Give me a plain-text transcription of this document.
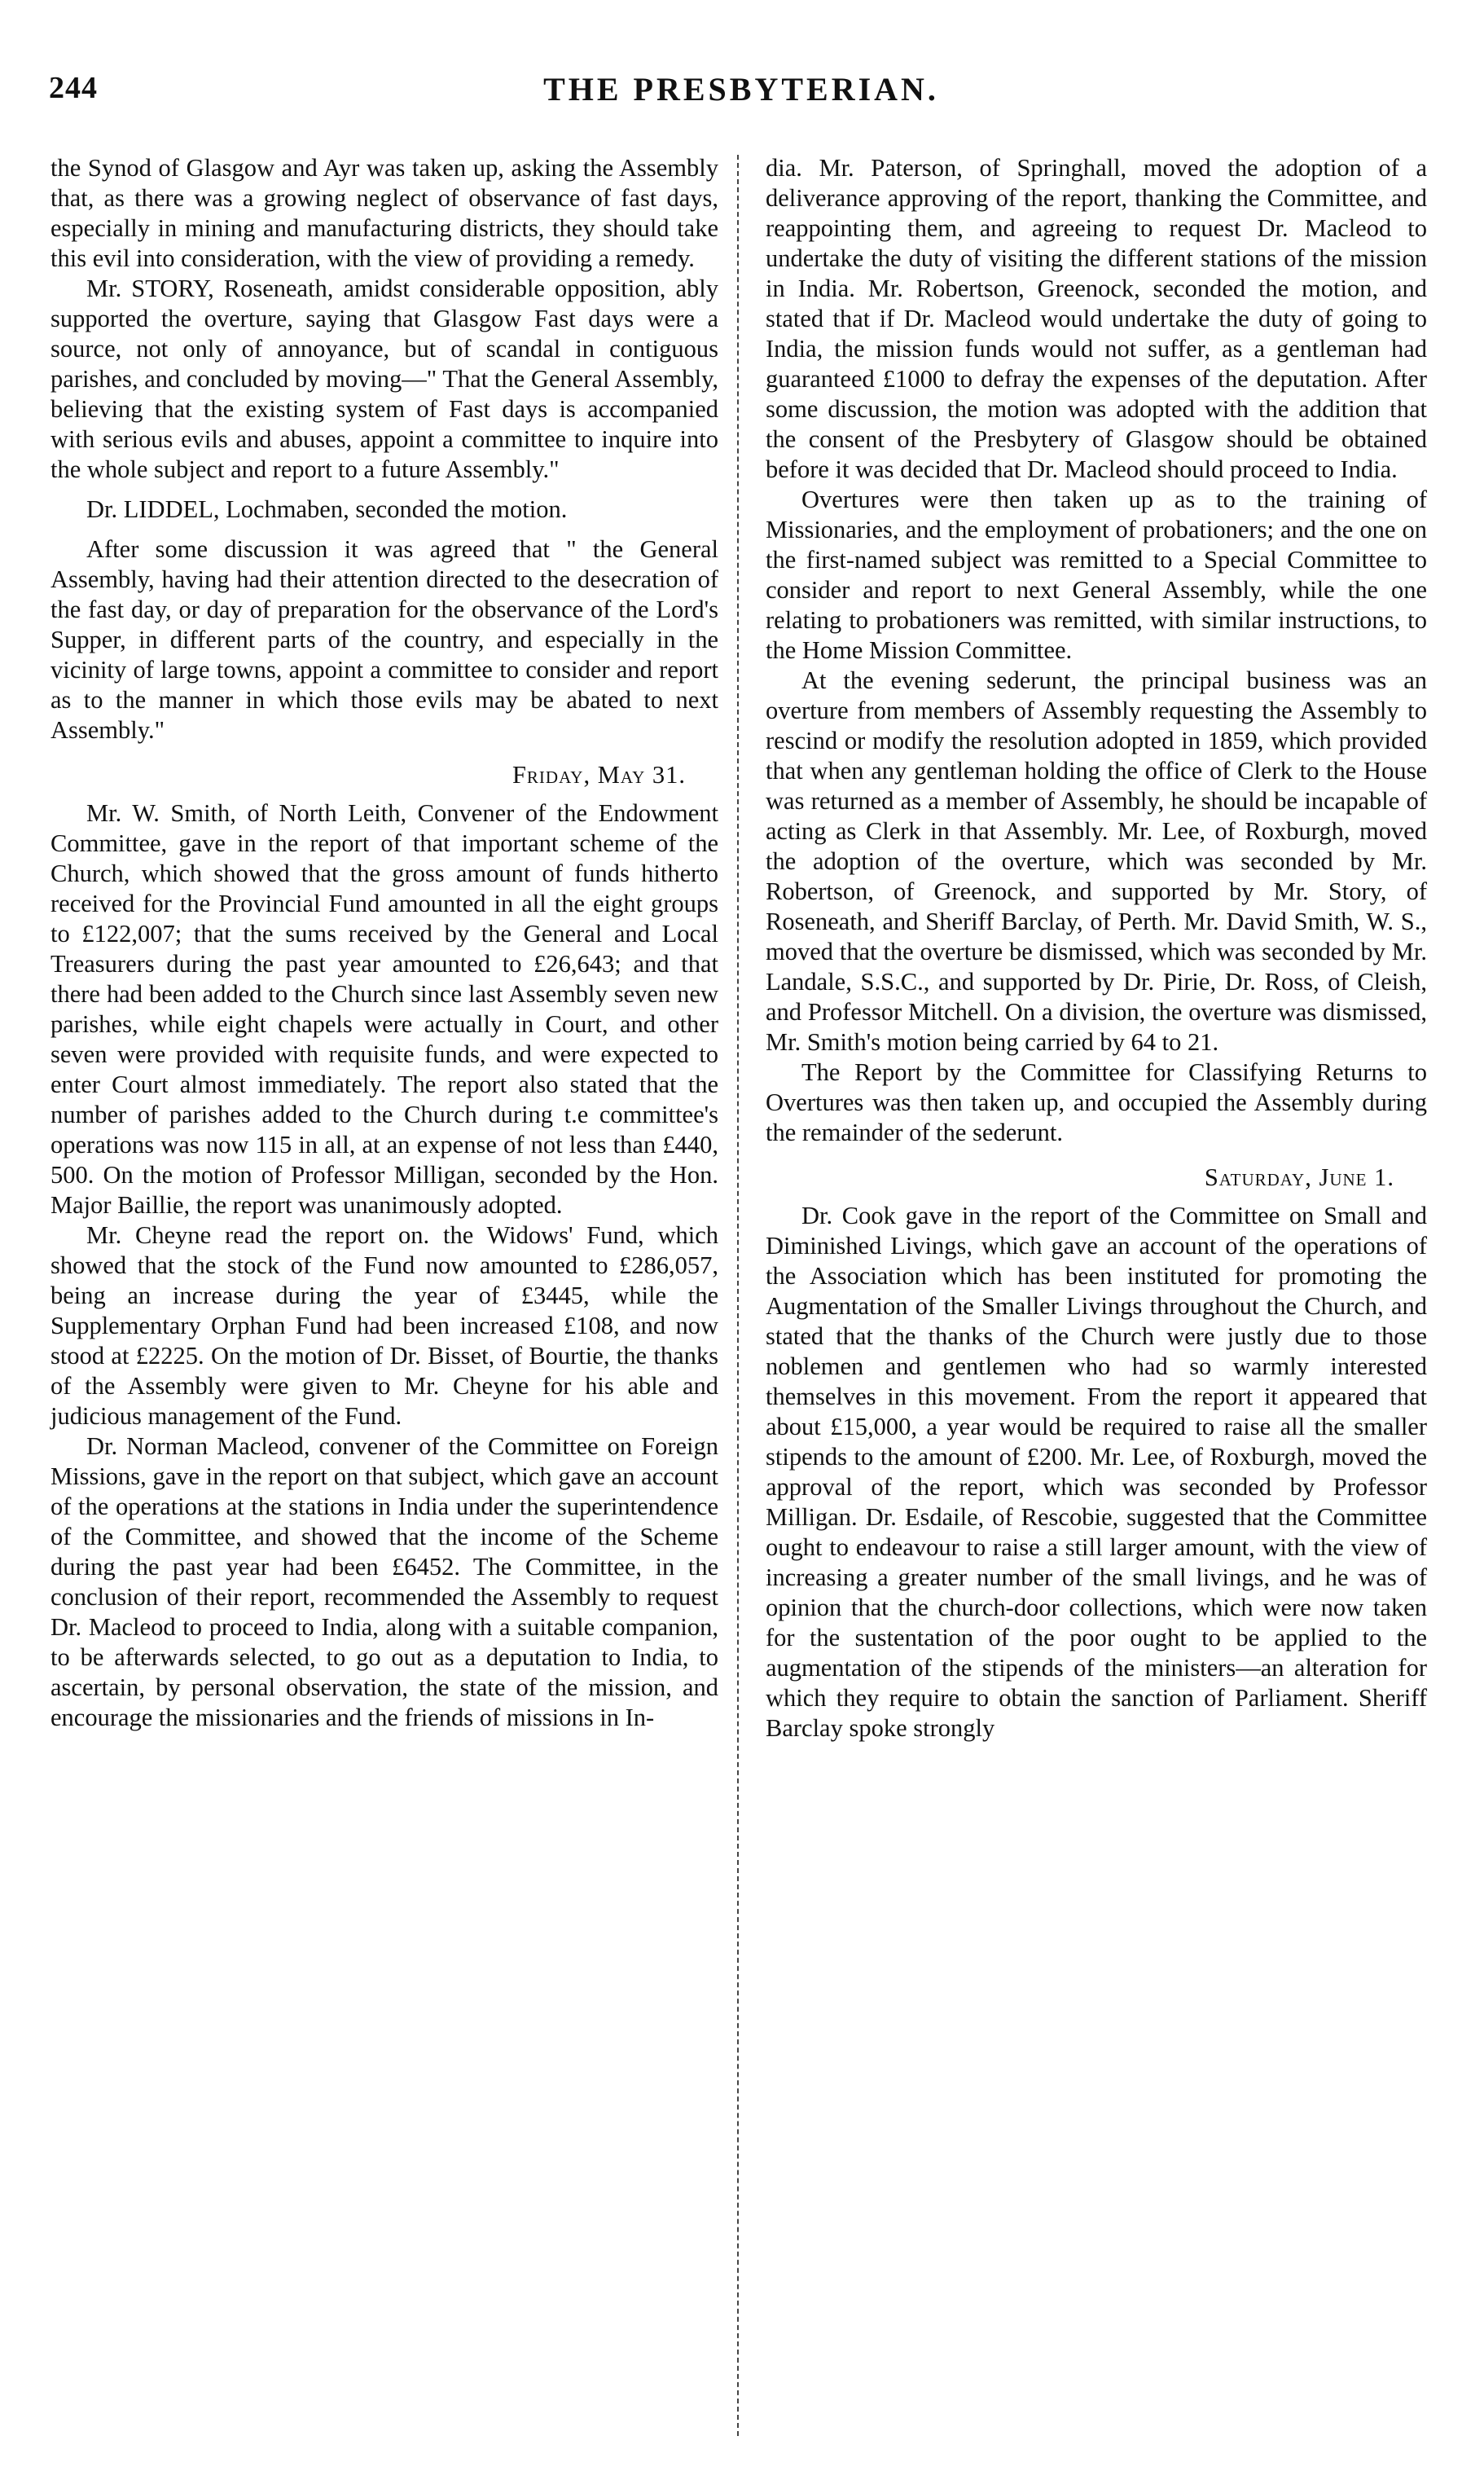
244	THE PRESBYTERIAN.

the Synod of Glasgow and Ayr was taken up, asking the Assembly that, as there was a growing neglect of observance of fast days, especially in mining and manufacturing districts, they should take this evil into consideration, with the view of providing a remedy.

Mr. STORY, Roseneath, amidst considerable opposition, ably supported the overture, saying that Glasgow Fast days were a source, not only of annoyance, but of scandal in contiguous parishes, and concluded by moving—" That the General Assembly, believing that the existing system of Fast days is accompanied with serious evils and abuses, appoint a committee to inquire into the whole subject and report to a future Assembly."

Dr. LIDDEL, Lochmaben, seconded the motion.

After some discussion it was agreed that " the General Assembly, having had their attention directed to the desecration of the fast day, or day of preparation for the observance of the Lord's Supper, in different parts of the country, and especially in the vicinity of large towns, appoint a committee to consider and report as to the manner in which those evils may be abated to next Assembly."

Friday, May 31.

Mr. W. Smith, of North Leith, Convener of the Endowment Committee, gave in the report of that important scheme of the Church, which showed that the gross amount of funds hitherto received for the Provincial Fund amounted in all the eight groups to £122,007; that the sums received by the General and Local Treasurers during the past year amounted to £26,643; and that there had been added to the Church since last Assembly seven new parishes, while eight chapels were actually in Court, and other seven were provided with requisite funds, and were expected to enter Court almost immediately. The report also stated that the number of parishes added to the Church during t.e committee's operations was now 115 in all, at an expense of not less than £440, 500. On the motion of Professor Milligan, seconded by the Hon. Major Baillie, the report was unanimously adopted.

Mr. Cheyne read the report on. the Widows' Fund, which showed that the stock of the Fund now amounted to £286,057, being an increase during the year of £3445, while the Supplementary Orphan Fund had been increased £108, and now stood at £2225. On the motion of Dr. Bisset, of Bourtie, the thanks of the Assembly were given to Mr. Cheyne for his able and judicious management of the Fund.

Dr. Norman Macleod, convener of the Committee on Foreign Missions, gave in the report on that subject, which gave an account of the operations at the stations in India under the superintendence of the Committee, and showed that the income of the Scheme during the past year had been £6452. The Committee, in the conclusion of their report, recommended the Assembly to request Dr. Macleod to proceed to India, along with a suitable companion, to be afterwards selected, to go out as a deputation to India, to ascertain, by personal observation, the state of the mission, and encourage the missionaries and the friends of missions in In-

dia. Mr. Paterson, of Springhall, moved the adoption of a deliverance approving of the report, thanking the Committee, and reappointing them, and agreeing to request Dr. Macleod to undertake the duty of visiting the different stations of the mission in India. Mr. Robertson, Greenock, seconded the motion, and stated that if Dr. Macleod would undertake the duty of going to India, the mission funds would not suffer, as a gentleman had guaranteed £1000 to defray the expenses of the deputation. After some discussion, the motion was adopted with the addition that the consent of the Presbytery of Glasgow should be obtained before it was decided that Dr. Macleod should proceed to India.

Overtures were then taken up as to the training of Missionaries, and the employment of probationers; and the one on the first-named subject was remitted to a Special Committee to consider and report to next General Assembly, while the one relating to probationers was remitted, with similar instructions, to the Home Mission Committee.

At the evening sederunt, the principal business was an overture from members of Assembly requesting the Assembly to rescind or modify the resolution adopted in 1859, which provided that when any gentleman holding the office of Clerk to the House was returned as a member of Assembly, he should be incapable of acting as Clerk in that Assembly. Mr. Lee, of Roxburgh, moved the adoption of the overture, which was seconded by Mr. Robertson, of Greenock, and supported by Mr. Story, of Roseneath, and Sheriff Barclay, of Perth. Mr. David Smith, W. S., moved that the overture be dismissed, which was seconded by Mr. Landale, S.S.C., and supported by Dr. Pirie, Dr. Ross, of Cleish, and Professor Mitchell. On a division, the overture was dismissed, Mr. Smith's motion being carried by 64 to 21.

The Report by the Committee for Classifying Returns to Overtures was then taken up, and occupied the Assembly during the remainder of the sederunt.

Saturday, June 1.

Dr. Cook gave in the report of the Committee on Small and Diminished Livings, which gave an account of the operations of the Association which has been instituted for promoting the Augmentation of the Smaller Livings throughout the Church, and stated that the thanks of the Church were justly due to those noblemen and gentlemen who had so warmly interested themselves in this movement. From the report it appeared that about £15,000, a year would be required to raise all the smaller stipends to the amount of £200. Mr. Lee, of Roxburgh, moved the approval of the report, which was seconded by Professor Milligan. Dr. Esdaile, of Rescobie, suggested that the Committee ought to endeavour to raise a still larger amount, with the view of increasing a greater number of the small livings, and he was of opinion that the church-door collections, which were now taken for the sustentation of the poor ought to be applied to the augmentation of the stipends of the ministers—an alteration for which they require to obtain the sanction of Parliament. Sheriff Barclay spoke strongly
